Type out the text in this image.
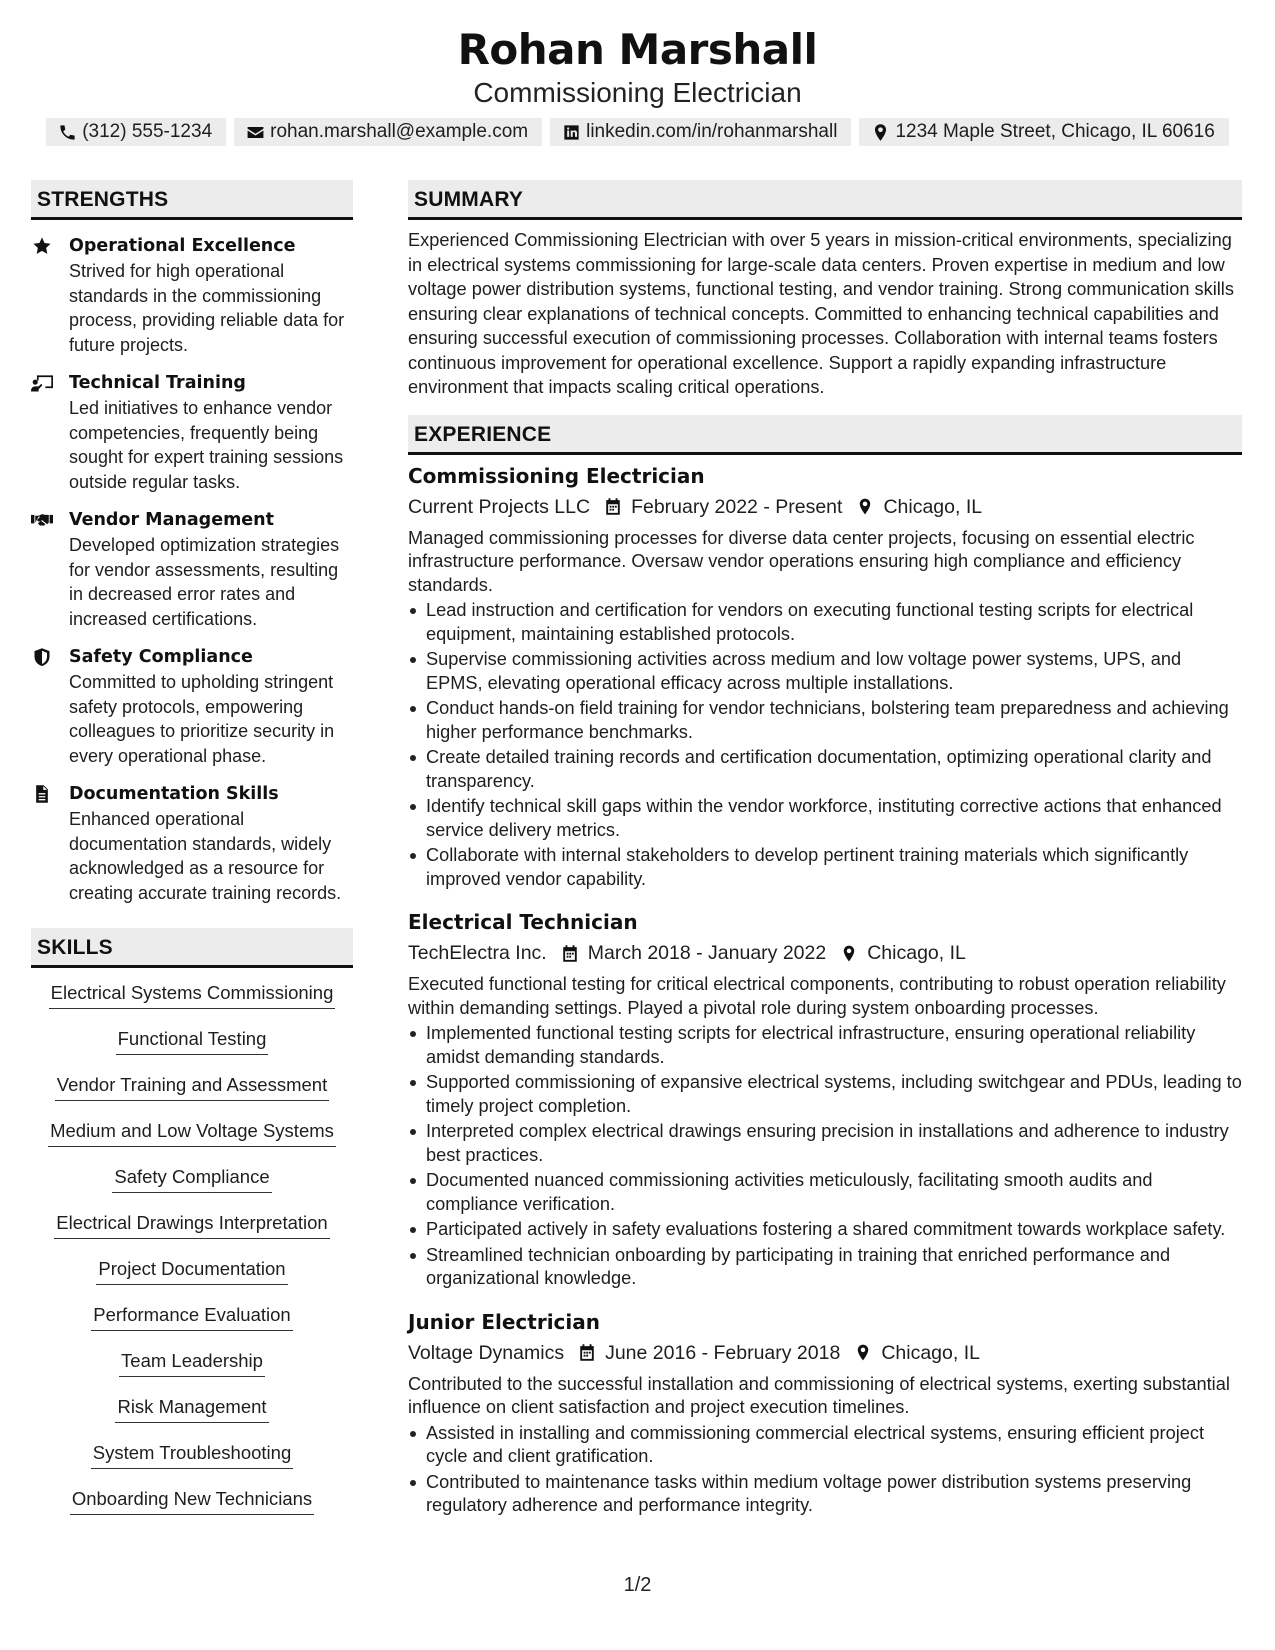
Rohan Marshall
Commissioning Electrician
(312) 555-1234	rohan.marshall@example.com	linkedin.com/in/rohanmarshall	1234 Maple Street, Chicago, IL 60616
STRENGTHS
Operational Excellence
Strived for high operational standards in the commissioning process, providing reliable data for future projects.
Technical Training
Led initiatives to enhance vendor competencies, frequently being sought for expert training sessions outside regular tasks.
Vendor Management
Developed optimization strategies for vendor assessments, resulting in decreased error rates and increased certifications.
Safety Compliance
Committed to upholding stringent safety protocols, empowering colleagues to prioritize security in every operational phase.
Documentation Skills
Enhanced operational documentation standards, widely acknowledged as a resource for creating accurate training records.
SKILLS
Electrical Systems Commissioning
Functional Testing
Vendor Training and Assessment
Medium and Low Voltage Systems
Safety Compliance
Electrical Drawings Interpretation
Project Documentation
Performance Evaluation
Team Leadership
Risk Management
System Troubleshooting
Onboarding New Technicians
SUMMARY
Experienced Commissioning Electrician with over 5 years in mission-critical environments, specializing in electrical systems commissioning for large-scale data centers. Proven expertise in medium and low voltage power distribution systems, functional testing, and vendor training. Strong communication skills ensuring clear explanations of technical concepts. Committed to enhancing technical capabilities and ensuring successful execution of commissioning processes. Collaboration with internal teams fosters continuous improvement for operational excellence. Support a rapidly expanding infrastructure environment that impacts scaling critical operations.
EXPERIENCE
Commissioning Electrician
Current Projects LLC February 2022 - Present Chicago, IL
Managed commissioning processes for diverse data center projects, focusing on essential electric infrastructure performance. Oversaw vendor operations ensuring high compliance and efficiency standards.
Lead instruction and certification for vendors on executing functional testing scripts for electrical equipment, maintaining established protocols.
Supervise commissioning activities across medium and low voltage power systems, UPS, and EPMS, elevating operational efficacy across multiple installations.
Conduct hands-on field training for vendor technicians, bolstering team preparedness and achieving higher performance benchmarks.
Create detailed training records and certification documentation, optimizing operational clarity and transparency.
Identify technical skill gaps within the vendor workforce, instituting corrective actions that enhanced service delivery metrics.
Collaborate with internal stakeholders to develop pertinent training materials which significantly improved vendor capability.
Electrical Technician
TechElectra Inc. March 2018 - January 2022 Chicago, IL
Executed functional testing for critical electrical components, contributing to robust operation reliability within demanding settings. Played a pivotal role during system onboarding processes.
Implemented functional testing scripts for electrical infrastructure, ensuring operational reliability amidst demanding standards.
Supported commissioning of expansive electrical systems, including switchgear and PDUs, leading to timely project completion.
Interpreted complex electrical drawings ensuring precision in installations and adherence to industry best practices.
Documented nuanced commissioning activities meticulously, facilitating smooth audits and compliance verification.
Participated actively in safety evaluations fostering a shared commitment towards workplace safety.
Streamlined technician onboarding by participating in training that enriched performance and organizational knowledge.
Junior Electrician
Voltage Dynamics June 2016 - February 2018 Chicago, IL
Contributed to the successful installation and commissioning of electrical systems, exerting substantial influence on client satisfaction and project execution timelines.
Assisted in installing and commissioning commercial electrical systems, ensuring efficient project cycle and client gratification.
Contributed to maintenance tasks within medium voltage power distribution systems preserving regulatory adherence and performance integrity.
1/2
